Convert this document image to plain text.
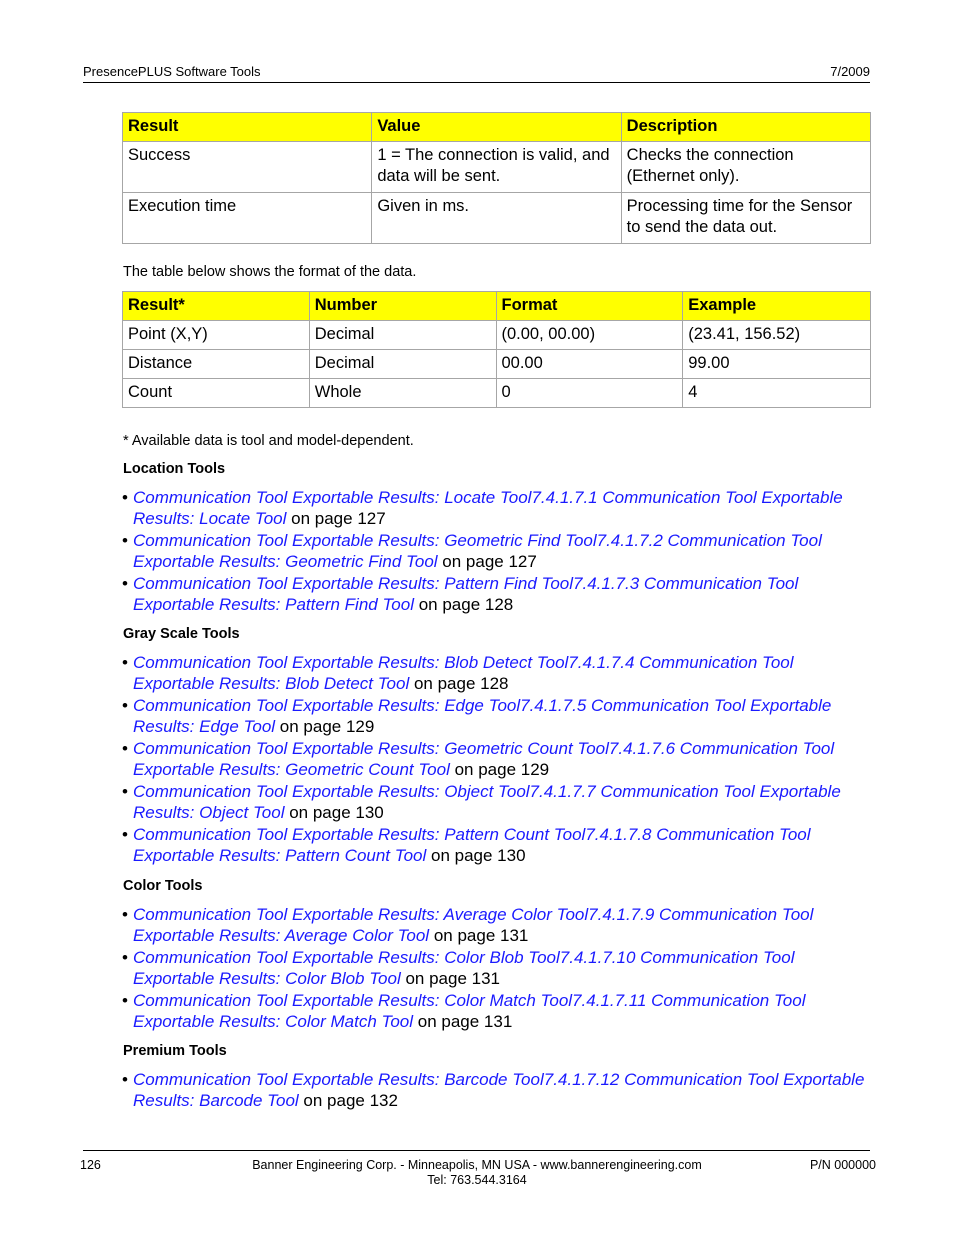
PresencePLUS Software Tools	7/2009
Result	Value	Description
Success	1 = The connection is valid, and data will be sent.	Checks the connection (Ethernet only).
Execution time	Given in ms.	Processing time for the Sensor to send the data out.
The table below shows the format of the data.
Result*	Number	Format	Example
Point (X,Y)	Decimal	(0.00, 00.00)	(23.41, 156.52)
Distance	Decimal	00.00	99.00
Count	Whole	0	4
* Available data is tool and model-dependent.
Location Tools
• Communication Tool Exportable Results: Locate Tool7.4.1.7.1 Communication Tool Exportable Results: Locate Tool on page 127
• Communication Tool Exportable Results: Geometric Find Tool7.4.1.7.2 Communication Tool Exportable Results: Geometric Find Tool on page 127
• Communication Tool Exportable Results: Pattern Find Tool7.4.1.7.3 Communication Tool Exportable Results: Pattern Find Tool on page 128
Gray Scale Tools
• Communication Tool Exportable Results: Blob Detect Tool7.4.1.7.4 Communication Tool Exportable Results: Blob Detect Tool on page 128
• Communication Tool Exportable Results: Edge Tool7.4.1.7.5 Communication Tool Exportable Results: Edge Tool on page 129
• Communication Tool Exportable Results: Geometric Count Tool7.4.1.7.6 Communication Tool Exportable Results: Geometric Count Tool on page 129
• Communication Tool Exportable Results: Object Tool7.4.1.7.7 Communication Tool Exportable Results: Object Tool on page 130
• Communication Tool Exportable Results: Pattern Count Tool7.4.1.7.8 Communication Tool Exportable Results: Pattern Count Tool on page 130
Color Tools
• Communication Tool Exportable Results: Average Color Tool7.4.1.7.9 Communication Tool Exportable Results: Average Color Tool on page 131
• Communication Tool Exportable Results: Color Blob Tool7.4.1.7.10 Communication Tool Exportable Results: Color Blob Tool on page 131
• Communication Tool Exportable Results: Color Match Tool7.4.1.7.11 Communication Tool Exportable Results: Color Match Tool on page 131
Premium Tools
• Communication Tool Exportable Results: Barcode Tool7.4.1.7.12 Communication Tool Exportable Results: Barcode Tool on page 132
126	Banner Engineering Corp. - Minneapolis, MN USA - www.bannerengineering.com
Tel: 763.544.3164
P/N 000000
